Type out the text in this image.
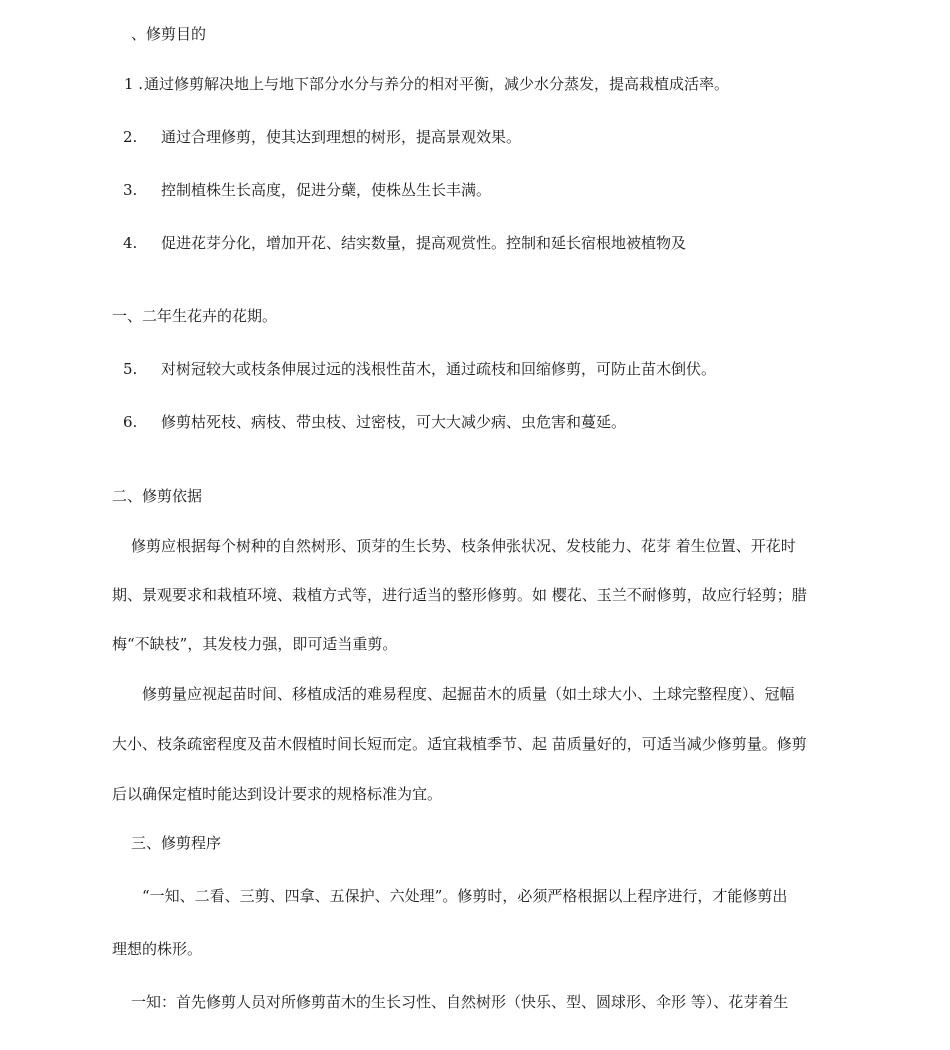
、修剪目的
1 .通过修剪解决地上与地下部分水分与养分的相对平衡，减少水分蒸发，提高栽植成活率。
2. 通过合理修剪，使其达到理想的树形，提高景观效果。
3. 控制植株生长高度，促进分蘖，使株丛生长丰满。
4. 促进花芽分化，增加开花、结实数量，提高观赏性。控制和延长宿根地被植物及
一、二年生花卉的花期。
5. 对树冠较大或枝条伸展过远的浅根性苗木，通过疏枝和回缩修剪，可防止苗木倒伏。
6. 修剪枯死枝、病枝、带虫枝、过密枝，可大大减少病、虫危害和蔓延。
二、修剪依据
修剪应根据每个树种的自然树形、顶芽的生长势、枝条伸张状况、发枝能力、花芽 着生位置、开花时
期、景观要求和栽植环境、栽植方式等，进行适当的整形修剪。如 樱花、玉兰不耐修剪，故应行轻剪；腊
梅“不缺枝”，其发枝力强，即可适当重剪。
修剪量应视起苗时间、移植成活的难易程度、起掘苗木的质量（如土球大小、土球完整程度）、冠幅
大小、枝条疏密程度及苗木假植时间长短而定。适宜栽植季节、起 苗质量好的，可适当减少修剪量。修剪
后以确保定植时能达到设计要求的规格标准为宜。
三、修剪程序
“一知、二看、三剪、四拿、五保护、六处理”。修剪时，必须严格根据以上程序进行，才能修剪出
理想的株形。
一知：首先修剪人员对所修剪苗木的生长习性、自然树形（快乐、型、圆球形、伞形 等）、花芽着生
